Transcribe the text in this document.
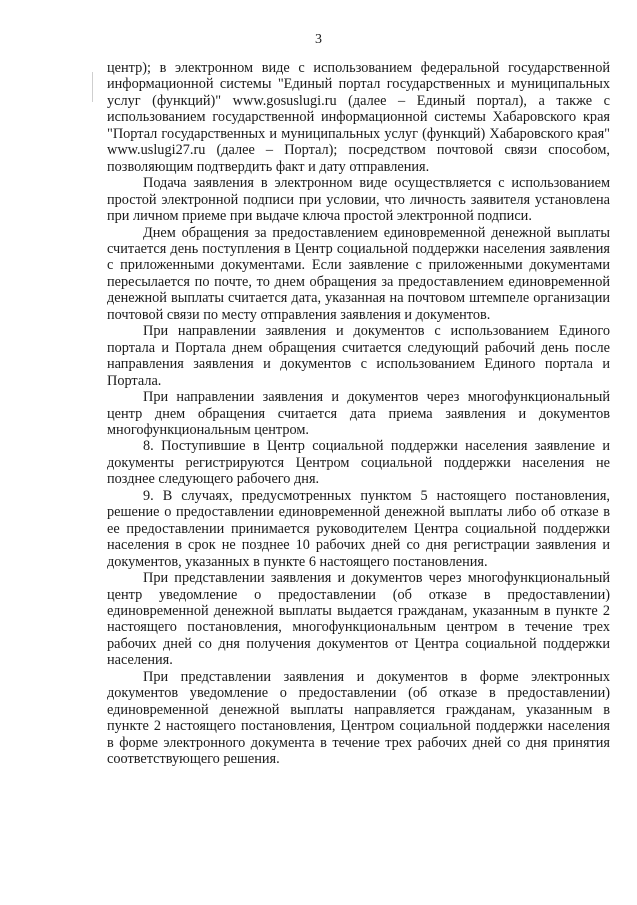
3

центр); в электронном виде с использованием федеральной государственной информационной системы "Единый портал государственных и муниципальных услуг (функций)" www.gosuslugi.ru (далее – Единый портал), а также с использованием государственной информационной системы Хабаровского края "Портал государственных и муниципальных услуг (функций) Хабаровского края" www.uslugi27.ru (далее – Портал); посредством почтовой связи способом, позволяющим подтвердить факт и дату отправления.

Подача заявления в электронном виде осуществляется с использованием простой электронной подписи при условии, что личность заявителя установлена при личном приеме при выдаче ключа простой электронной подписи.

Днем обращения за предоставлением единовременной денежной выплаты считается день поступления в Центр социальной поддержки населения заявления с приложенными документами. Если заявление с приложенными документами пересылается по почте, то днем обращения за предоставлением единовременной денежной выплаты считается дата, указанная на почтовом штемпеле организации почтовой связи по месту отправления заявления и документов.

При направлении заявления и документов с использованием Единого портала и Портала днем обращения считается следующий рабочий день после направления заявления и документов с использованием Единого портала и Портала.

При направлении заявления и документов через многофункциональный центр днем обращения считается дата приема заявления и документов многофункциональным центром.

8. Поступившие в Центр социальной поддержки населения заявление и документы регистрируются Центром социальной поддержки населения не позднее следующего рабочего дня.

9. В случаях, предусмотренных пунктом 5 настоящего постановления, решение о предоставлении единовременной денежной выплаты либо об отказе в ее предоставлении принимается руководителем Центра социальной поддержки населения в срок не позднее 10 рабочих дней со дня регистрации заявления и документов, указанных в пункте 6 настоящего постановления.

При представлении заявления и документов через многофункциональный центр уведомление о предоставлении (об отказе в предоставлении) единовременной денежной выплаты выдается гражданам, указанным в пункте 2 настоящего постановления, многофункциональным центром в течение трех рабочих дней со дня получения документов от Центра социальной поддержки населения.

При представлении заявления и документов в форме электронных документов уведомление о предоставлении (об отказе в предоставлении) единовременной денежной выплаты направляется гражданам, указанным в пункте 2 настоящего постановления, Центром социальной поддержки населения в форме электронного документа в течение трех рабочих дней со дня принятия соответствующего решения.
